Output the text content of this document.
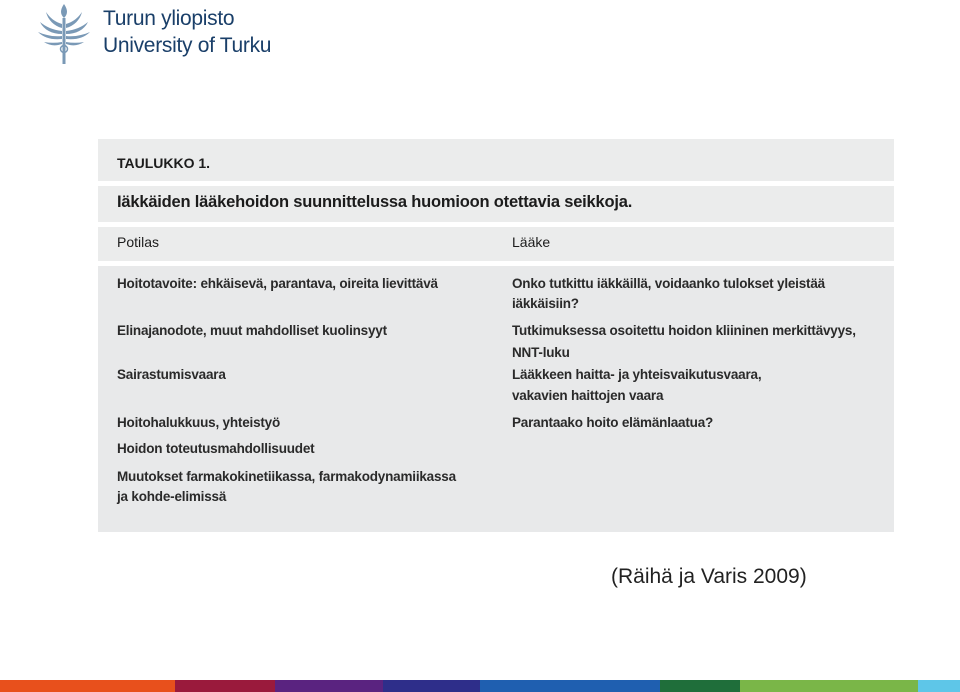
Turun yliopisto
University of Turku
TAULUKKO 1.
Iäkkäiden lääkehoidon suunnittelussa huomioon otettavia seikkoja.
Potilas	Lääke
Hoitotavoite: ehkäisevä, parantava, oireita lievittävä
Elinajanodote, muut mahdolliset kuolinsyyt
Sairastumisvaara
Hoitohalukkuus, yhteistyö
Hoidon toteutusmahdollisuudet
Muutokset farmakokinetiikassa, farmakodynamiikassa
ja kohde-elimissä
Onko tutkittu iäkkäillä, voidaanko tulokset yleistää
iäkkäisiin?
Tutkimuksessa osoitettu hoidon kliininen merkittävyys,
NNT-luku
Lääkkeen haitta- ja yhteisvaikutusvaara,
vakavien haittojen vaara
Parantaako hoito elämänlaatua?
(Räihä ja Varis 2009)
